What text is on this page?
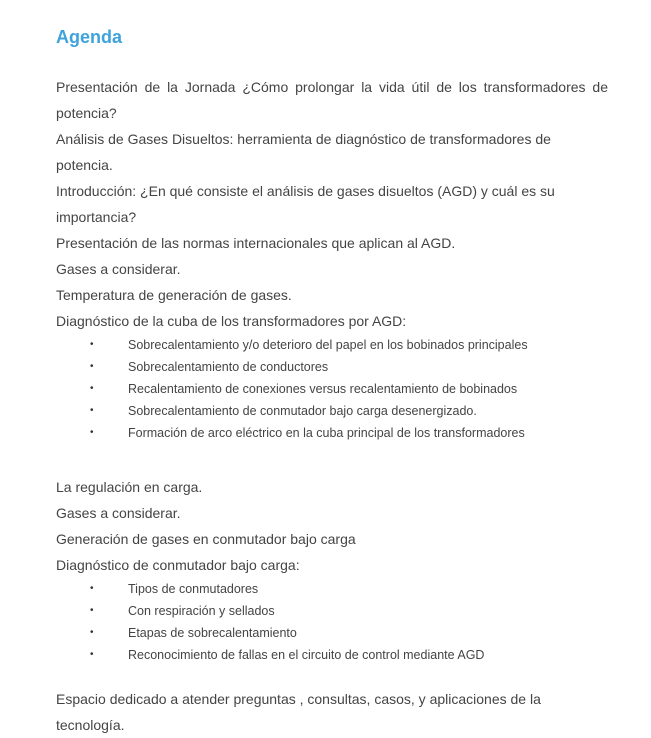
Agenda

Presentación de la Jornada ¿Cómo prolongar la vida útil de los transformadores de potencia?

Análisis de Gases Disueltos: herramienta de diagnóstico de transformadores de potencia.

Introducción: ¿En qué consiste el análisis de gases disueltos (AGD) y cuál es su importancia?

Presentación de las normas internacionales que aplican al AGD.

Gases a considerar.

Temperatura de generación de gases.

Diagnóstico de la cuba de los transformadores por AGD:

•	Sobrecalentamiento y/o deterioro del papel en los bobinados principales
•	Sobrecalentamiento de conductores
•	Recalentamiento de conexiones versus recalentamiento de bobinados
•	Sobrecalentamiento de conmutador bajo carga desenergizado.
•	Formación de arco eléctrico en la cuba principal de los transformadores

La regulación en carga.

Gases a considerar.

Generación de gases en conmutador bajo carga

Diagnóstico de conmutador bajo carga:

•	Tipos de conmutadores
•	Con respiración y sellados
•	Etapas de sobrecalentamiento
•	Reconocimiento de fallas en el circuito de control mediante AGD

Espacio dedicado a atender preguntas , consultas, casos, y aplicaciones de la tecnología.
